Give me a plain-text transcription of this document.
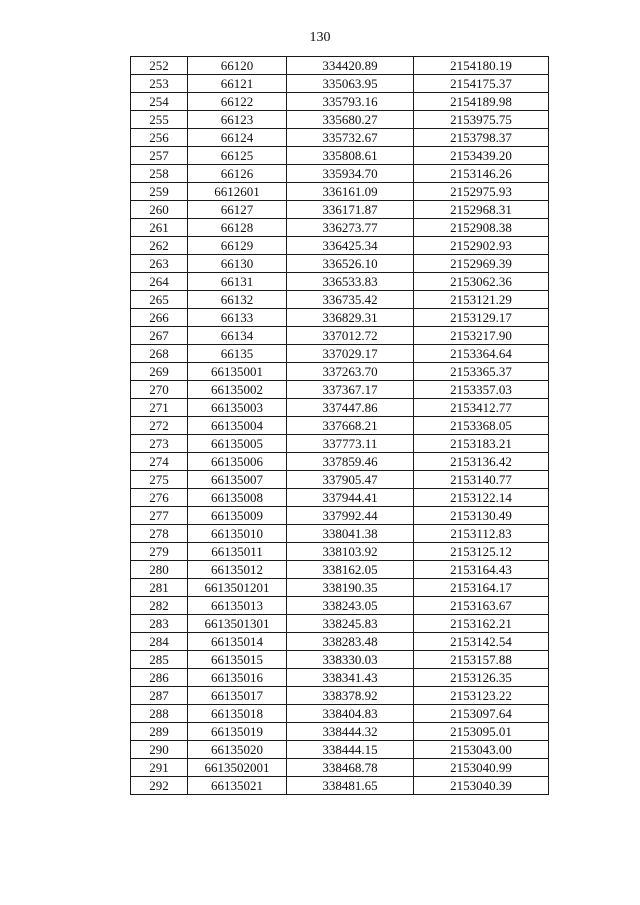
130
252	66120	334420.89	2154180.19
253	66121	335063.95	2154175.37
254	66122	335793.16	2154189.98
255	66123	335680.27	2153975.75
256	66124	335732.67	2153798.37
257	66125	335808.61	2153439.20
258	66126	335934.70	2153146.26
259	6612601	336161.09	2152975.93
260	66127	336171.87	2152968.31
261	66128	336273.77	2152908.38
262	66129	336425.34	2152902.93
263	66130	336526.10	2152969.39
264	66131	336533.83	2153062.36
265	66132	336735.42	2153121.29
266	66133	336829.31	2153129.17
267	66134	337012.72	2153217.90
268	66135	337029.17	2153364.64
269	66135001	337263.70	2153365.37
270	66135002	337367.17	2153357.03
271	66135003	337447.86	2153412.77
272	66135004	337668.21	2153368.05
273	66135005	337773.11	2153183.21
274	66135006	337859.46	2153136.42
275	66135007	337905.47	2153140.77
276	66135008	337944.41	2153122.14
277	66135009	337992.44	2153130.49
278	66135010	338041.38	2153112.83
279	66135011	338103.92	2153125.12
280	66135012	338162.05	2153164.43
281	6613501201	338190.35	2153164.17
282	66135013	338243.05	2153163.67
283	6613501301	338245.83	2153162.21
284	66135014	338283.48	2153142.54
285	66135015	338330.03	2153157.88
286	66135016	338341.43	2153126.35
287	66135017	338378.92	2153123.22
288	66135018	338404.83	2153097.64
289	66135019	338444.32	2153095.01
290	66135020	338444.15	2153043.00
291	6613502001	338468.78	2153040.99
292	66135021	338481.65	2153040.39
